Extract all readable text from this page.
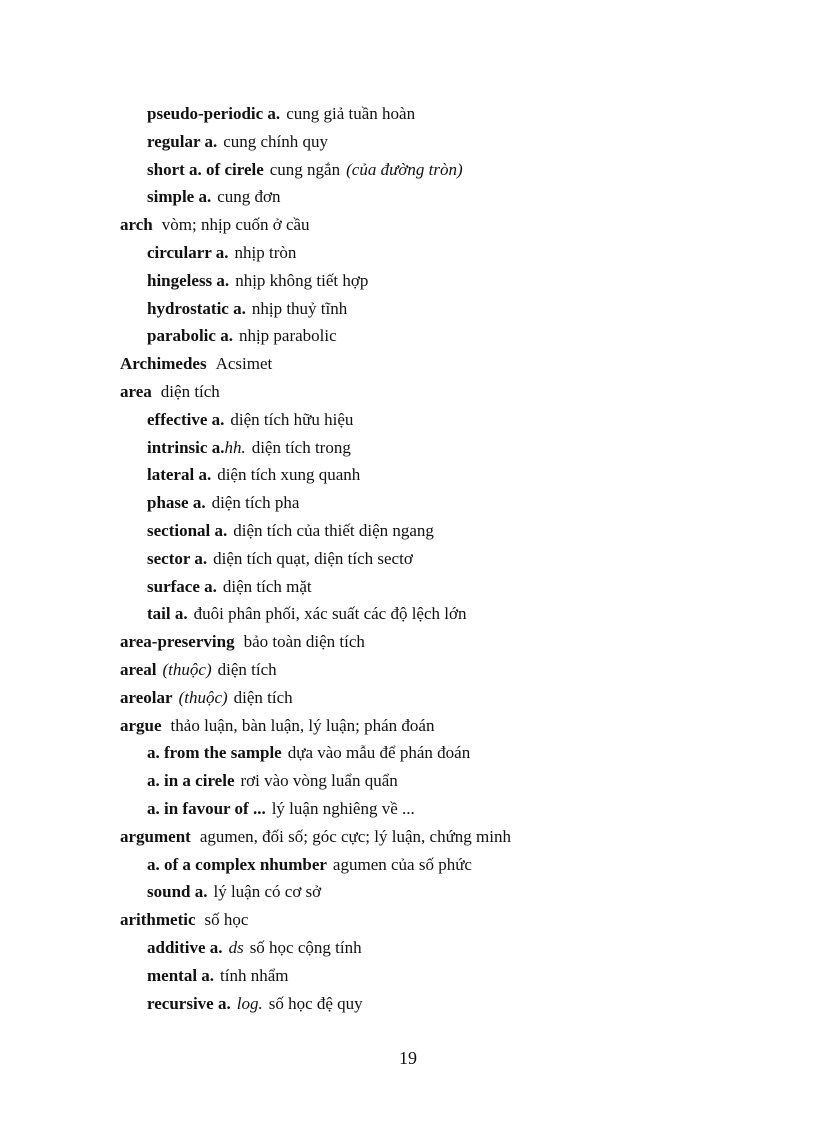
pseudo-periodic a. cung giả tuần hoàn
regular a. cung chính quy
short a. of cirele cung ngắn (của đường tròn)
simple a. cung đơn
arch vòm; nhịp cuốn ở cầu
circularr a. nhịp tròn
hingeless a. nhịp không tiết hợp
hydrostatic a. nhịp thuỷ tĩnh
parabolic a. nhịp parabolic
Archimedes Acsimet
area diện tích
effective a. diện tích hữu hiệu
intrinsic a.hh. diện tích trong
lateral a. diện tích xung quanh
phase a. diện tích pha
sectional a. diện tích của thiết diện ngang
sector a. diện tích quạt, diện tích sectơ
surface a. diện tích mặt
tail a. đuôi phân phối, xác suất các độ lệch lớn
area-preserving bảo toàn diện tích
areal (thuộc) diện tích
areolar (thuộc) diện tích
argue thảo luận, bàn luận, lý luận; phán đoán
a. from the sample dựa vào mẫu để phán đoán
a. in a cirele rơi vào vòng luẩn quẩn
a. in favour of ... lý luận nghiêng về ...
argument agumen, đối số; góc cực; lý luận, chứng minh
a. of a complex nhumber agumen của số phức
sound a. lý luận có cơ sở
arithmetic số học
additive a. ds số học cộng tính
mental a. tính nhẩm
recursive a. log. số học đệ quy
19
